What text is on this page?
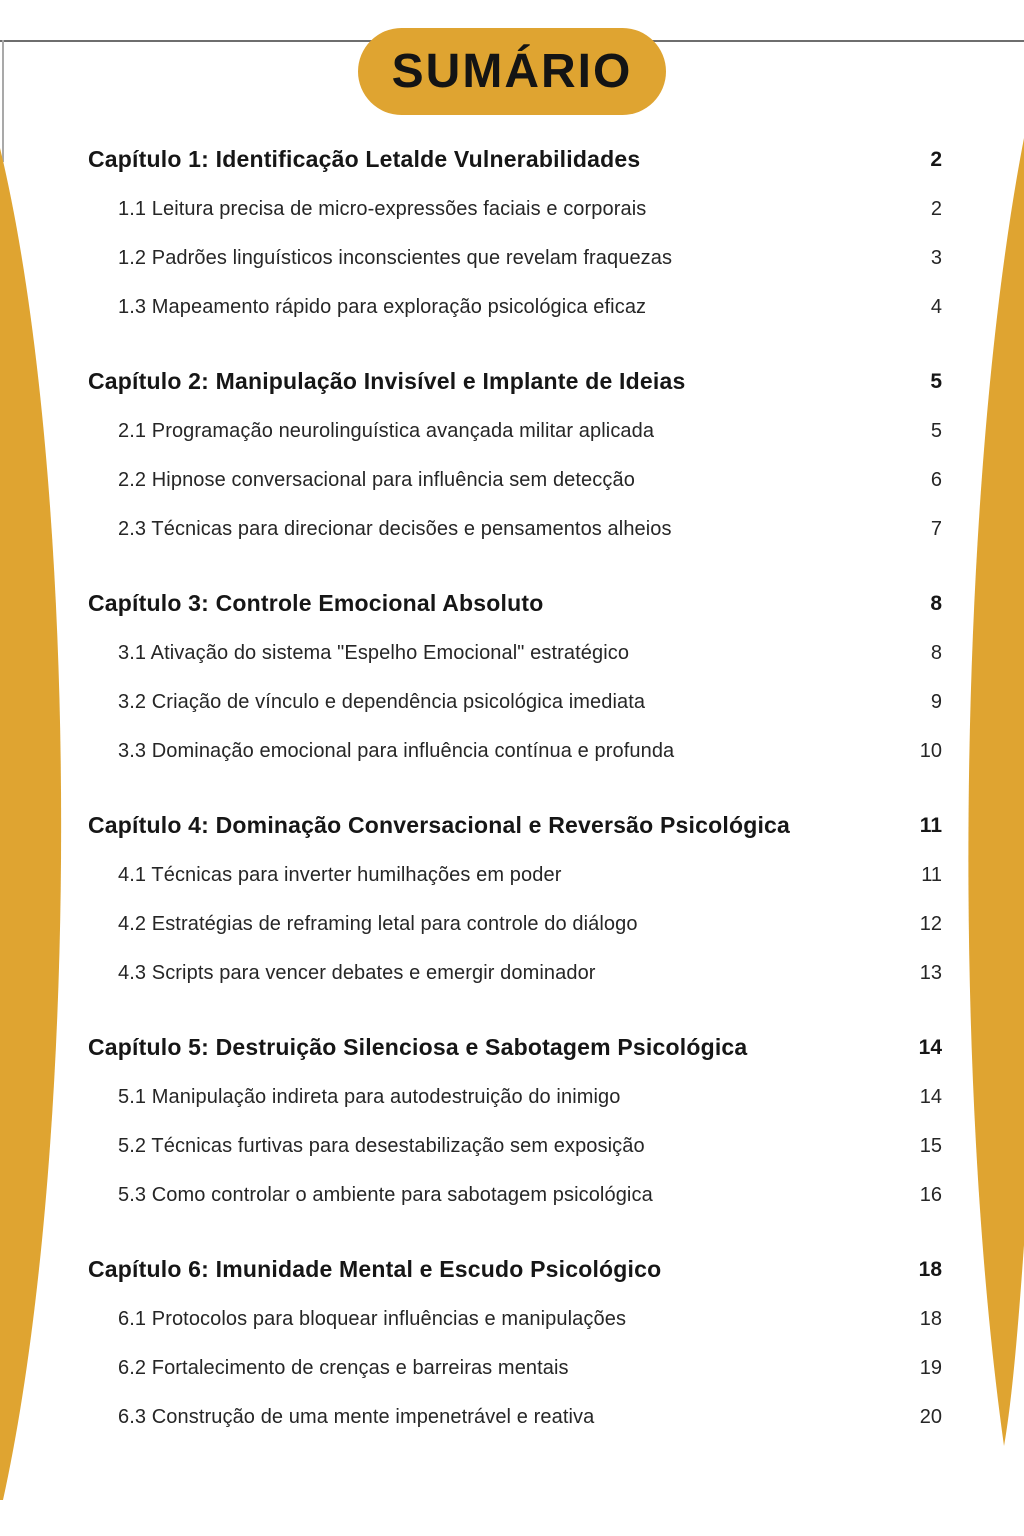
SUMÁRIO
Capítulo 1: Identificação Letalde Vulnerabilidades	2
1.1 Leitura precisa de micro-expressões faciais e corporais	2
1.2 Padrões linguísticos inconscientes que revelam fraquezas	3
1.3 Mapeamento rápido para exploração psicológica eficaz	4
Capítulo 2: Manipulação Invisível e Implante de Ideias	5
2.1 Programação neurolinguística avançada militar aplicada	5
2.2 Hipnose conversacional para influência sem detecção	6
2.3 Técnicas para direcionar decisões e pensamentos alheios	7
Capítulo 3: Controle Emocional Absoluto	8
3.1 Ativação do sistema "Espelho Emocional" estratégico	8
3.2 Criação de vínculo e dependência psicológica imediata	9
3.3 Dominação emocional para influência contínua e profunda	10
Capítulo 4: Dominação Conversacional e Reversão Psicológica	11
4.1 Técnicas para inverter humilhações em poder	11
4.2 Estratégias de reframing letal para controle do diálogo	12
4.3 Scripts para vencer debates e emergir dominador	13
Capítulo 5: Destruição Silenciosa e Sabotagem Psicológica	14
5.1 Manipulação indireta para autodestruição do inimigo	14
5.2 Técnicas furtivas para desestabilização sem exposição	15
5.3 Como controlar o ambiente para sabotagem psicológica	16
Capítulo 6: Imunidade Mental e Escudo Psicológico	18
6.1 Protocolos para bloquear influências e manipulações	18
6.2 Fortalecimento de crenças e barreiras mentais	19
6.3 Construção de uma mente impenetrável e reativa	20
